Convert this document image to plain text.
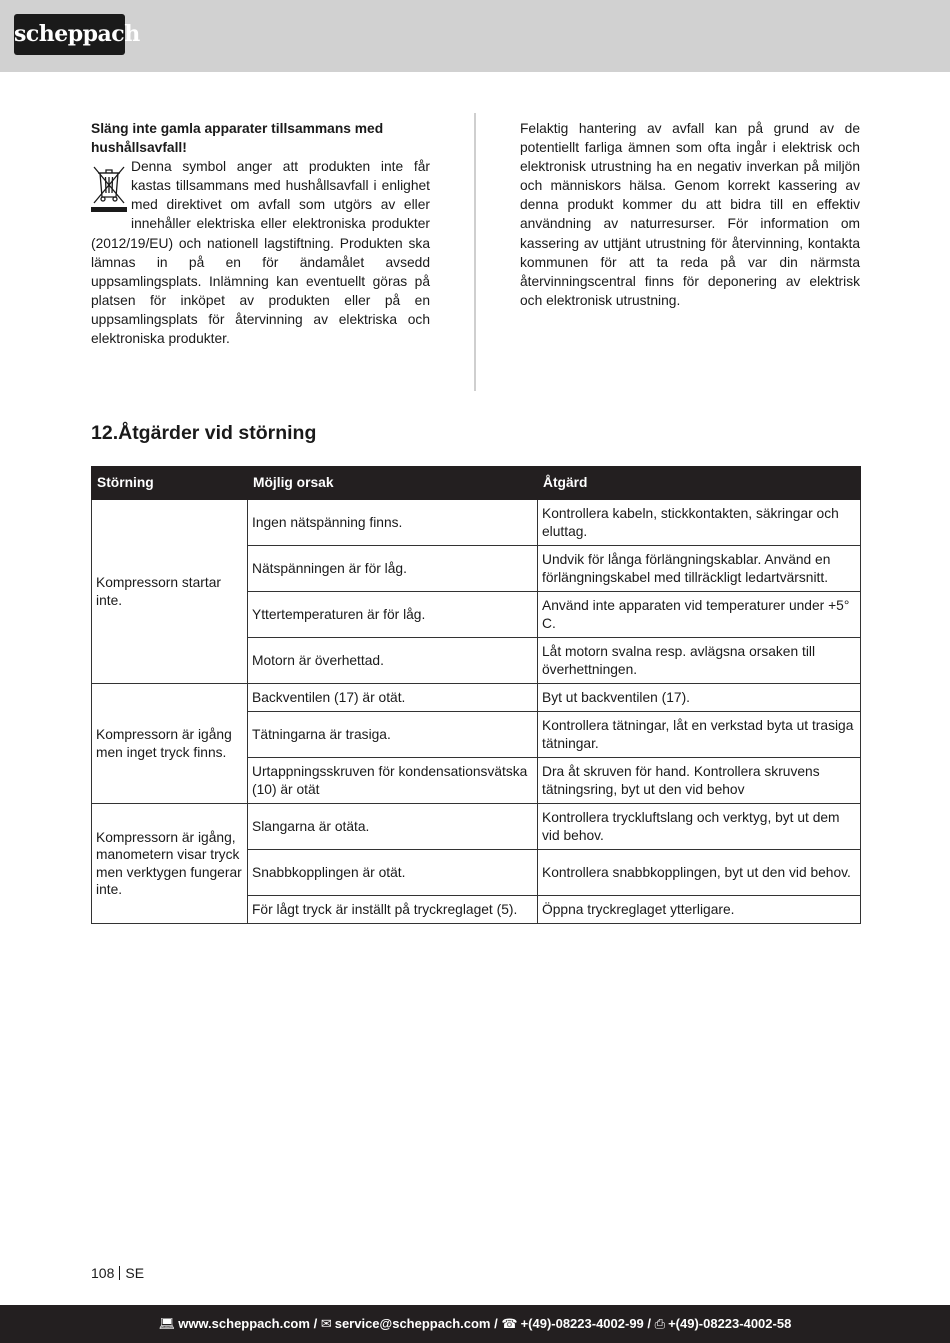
scheppach
Släng inte gamla apparater tillsammans med hushållsavfall!

Denna symbol anger att produkten inte får kastas tillsammans med hushållsavfall i enlighet med direktivet om avfall som utgörs av eller innehåller elektriska eller elektroniska produkter (2012/19/EU) och nationell lagstiftning. Produkten ska lämnas in på en för ändamålet avsedd uppsamlingsplats. Inlämning kan eventuellt göras på platsen för inköpet av produkten eller på en uppsamlingsplats för återvinning av elektriska och elektroniska produkter.

Felaktig hantering av avfall kan på grund av de potentiellt farliga ämnen som ofta ingår i elektrisk och elektronisk utrustning ha en negativ inverkan på miljön och människors hälsa. Genom korrekt kassering av denna produkt kommer du att bidra till en effektiv användning av naturresurser. För information om kassering av uttjänt utrustning för återvinning, kontakta kommunen för att ta reda på var din närmsta återvinningscentral finns för deponering av elektrisk och elektronisk utrustning.
12.Åtgärder vid störning
Störning	Möjlig orsak	Åtgärd
Kompressorn startar inte.	Ingen nätspänning finns.	Kontrollera kabeln, stickkontakten, säkringar och eluttag.
	Nätspänningen är för låg.	Undvik för långa förlängningskablar. Använd en förlängningskabel med tillräckligt ledartvärsnitt.
	Yttertemperaturen är för låg.	Använd inte apparaten vid temperaturer under +5° C.
	Motorn är överhettad.	Låt motorn svalna resp. avlägsna orsaken till överhettningen.
Kompressorn är igång men inget tryck finns.	Backventilen (17) är otät.	Byt ut backventilen (17).
	Tätningarna är trasiga.	Kontrollera tätningar, låt en verkstad byta ut trasiga tätningar.
	Urtappningsskruven för kondensationsvätska (10) är otät	Dra åt skruven för hand. Kontrollera skruvens tätningsring, byt ut den vid behov
Kompressorn är igång, manometern visar tryck men verktygen fungerar inte.	Slangarna är otäta.	Kontrollera tryckluftslang och verktyg, byt ut dem vid behov.
	Snabbkopplingen är otät.	Kontrollera snabbkopplingen, byt ut den vid behov.
	För lågt tryck är inställt på tryckreglaget (5).	Öppna tryckreglaget ytterligare.
108 SE
💻︎ www.scheppach.com / ✉︎ service@scheppach.com / ☎︎ +(49)-08223-4002-99 / ⎙ +(49)-08223-4002-58
